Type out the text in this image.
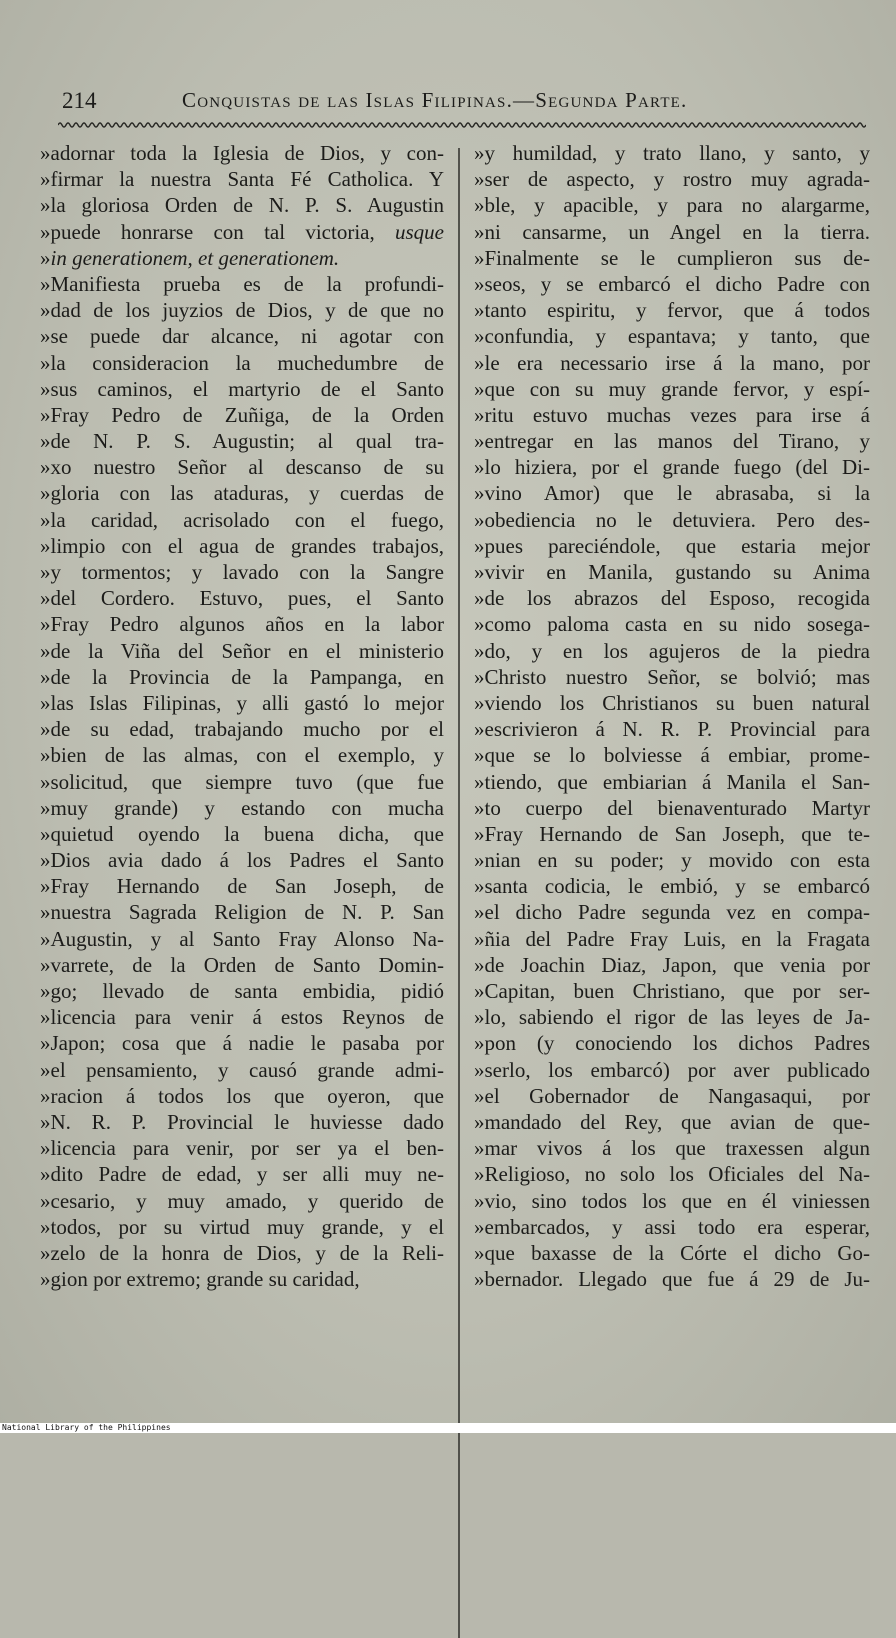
214	Conquistas de las Islas Filipinas.—Segunda Parte.
»adornar toda la Iglesia de Dios, y con-
»firmar la nuestra Santa Fé Catholica. Y
»la gloriosa Orden de N. P. S. Augustin
»puede honrarse con tal victoria, usque
»in generationem, et generationem.
»Manifiesta prueba es de la profundi-
»dad de los juyzios de Dios, y de que no
»se puede dar alcance, ni agotar con
»la consideracion la muchedumbre de
»sus caminos, el martyrio de el Santo
»Fray Pedro de Zuñiga, de la Orden
»de N. P. S. Augustin; al qual tra-
»xo nuestro Señor al descanso de su
»gloria con las ataduras, y cuerdas de
»la caridad, acrisolado con el fuego,
»limpio con el agua de grandes trabajos,
»y tormentos; y lavado con la Sangre
»del Cordero. Estuvo, pues, el Santo
»Fray Pedro algunos años en la labor
»de la Viña del Señor en el ministerio
»de la Provincia de la Pampanga, en
»las Islas Filipinas, y alli gastó lo mejor
»de su edad, trabajando mucho por el
»bien de las almas, con el exemplo, y
»solicitud, que siempre tuvo (que fue
»muy grande) y estando con mucha
»quietud oyendo la buena dicha, que
»Dios avia dado á los Padres el Santo
»Fray Hernando de San Joseph, de
»nuestra Sagrada Religion de N. P. San
»Augustin, y al Santo Fray Alonso Na-
»varrete, de la Orden de Santo Domin-
»go; llevado de santa embidia, pidió
»licencia para venir á estos Reynos de
»Japon; cosa que á nadie le pasaba por
»el pensamiento, y causó grande admi-
»racion á todos los que oyeron, que
»N. R. P. Provincial le huviesse dado
»licencia para venir, por ser ya el ben-
»dito Padre de edad, y ser alli muy ne-
»cesario, y muy amado, y querido de
»todos, por su virtud muy grande, y el
»zelo de la honra de Dios, y de la Reli-
»gion por extremo; grande su caridad,
»y humildad, y trato llano, y santo, y
»ser de aspecto, y rostro muy agrada-
»ble, y apacible, y para no alargarme,
»ni cansarme, un Angel en la tierra.
»Finalmente se le cumplieron sus de-
»seos, y se embarcó el dicho Padre con
»tanto espiritu, y fervor, que á todos
»confundia, y espantava; y tanto, que
»le era necessario irse á la mano, por
»que con su muy grande fervor, y espí-
»ritu estuvo muchas vezes para irse á
»entregar en las manos del Tirano, y
»lo hiziera, por el grande fuego (del Di-
»vino Amor) que le abrasaba, si la
»obediencia no le detuviera. Pero des-
»pues pareciéndole, que estaria mejor
»vivir en Manila, gustando su Anima
»de los abrazos del Esposo, recogida
»como paloma casta en su nido sosega-
»do, y en los agujeros de la piedra
»Christo nuestro Señor, se bolvió; mas
»viendo los Christianos su buen natural
»escrivieron á N. R. P. Provincial para
»que se lo bolviesse á embiar, prome-
»tiendo, que embiarian á Manila el San-
»to cuerpo del bienaventurado Martyr
»Fray Hernando de San Joseph, que te-
»nian en su poder; y movido con esta
»santa codicia, le embió, y se embarcó
»el dicho Padre segunda vez en compa-
»ñia del Padre Fray Luis, en la Fragata
»de Joachin Diaz, Japon, que venia por
»Capitan, buen Christiano, que por ser-
»lo, sabiendo el rigor de las leyes de Ja-
»pon (y conociendo los dichos Padres
»serlo, los embarcó) por aver publicado
»el Gobernador de Nangasaqui, por
»mandado del Rey, que avian de que-
»mar vivos á los que traxessen algun
»Religioso, no solo los Oficiales del Na-
»vio, sino todos los que en él viniessen
»embarcados, y assi todo era esperar,
»que baxasse de la Córte el dicho Go-
»bernador. Llegado que fue á 29 de Ju-
National Library of the Philippines
